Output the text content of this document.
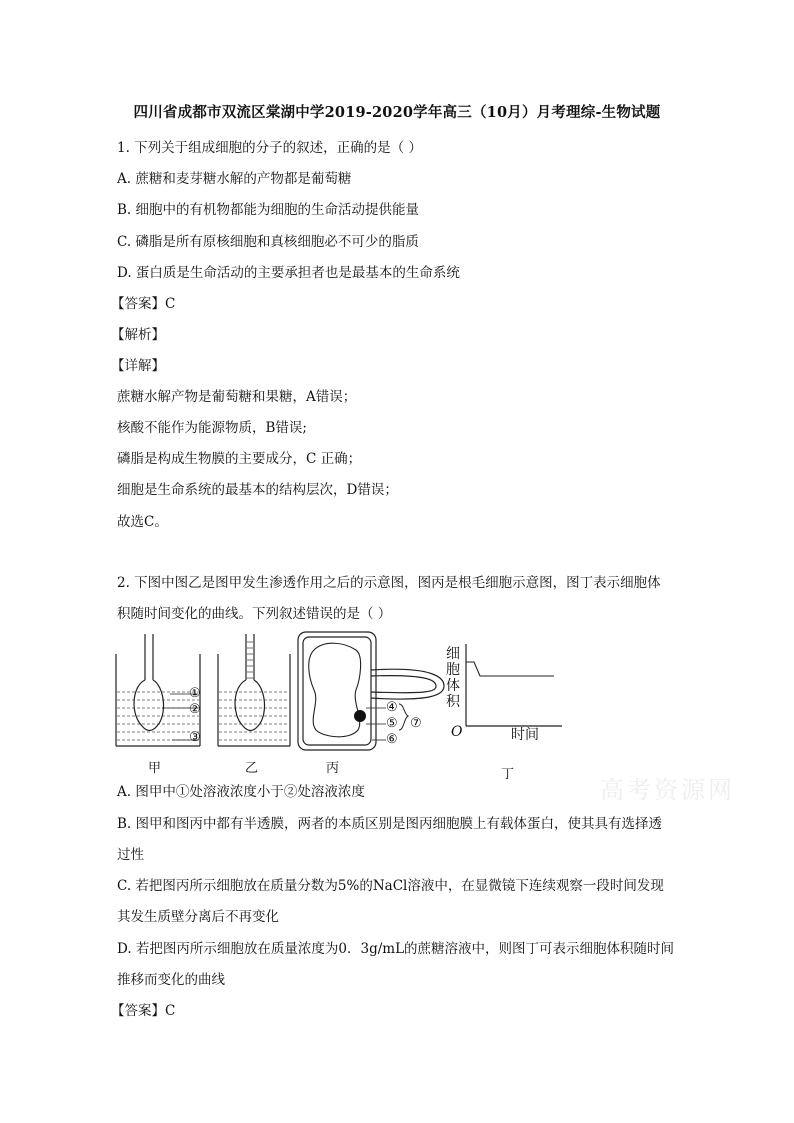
四川省成都市双流区棠湖中学2019-2020学年高三（10月）月考理综-生物试题
1. 下列关于组成细胞的分子的叙述，正确的是（ ）
A. 蔗糖和麦芽糖水解的产物都是葡萄糖
B. 细胞中的有机物都能为细胞的生命活动提供能量
C. 磷脂是所有原核细胞和真核细胞必不可少的脂质
D. 蛋白质是生命活动的主要承担者也是最基本的生命系统
【答案】C
【解析】
【详解】
蔗糖水解产物是葡萄糖和果糖，A错误；
核酸不能作为能源物质，B错误;
磷脂是构成生物膜的主要成分，C 正确；
细胞是生命系统的最基本的结构层次，D错误；
故选C。
2. 下图中图乙是图甲发生渗透作用之后的示意图，图丙是根毛细胞示意图，图丁表示细胞体
积随时间变化的曲线。下列叙述错误的是（ ）
①
②
③
甲	乙
④
⑤
⑥
⑦
丙
细
胞
体
积
O	时间
丁
A. 图甲中①处溶液浓度小于②处溶液浓度
B. 图甲和图丙中都有半透膜，两者的本质区别是图丙细胞膜上有载体蛋白，使其具有选择透
过性
C. 若把图丙所示细胞放在质量分数为5%的NaCl溶液中，在显微镜下连续观察一段时间发现
其发生质壁分离后不再变化
D. 若把图丙所示细胞放在质量浓度为0．3g/mL的蔗糖溶液中，则图丁可表示细胞体积随时间
推移而变化的曲线
【答案】C
高考资源网
